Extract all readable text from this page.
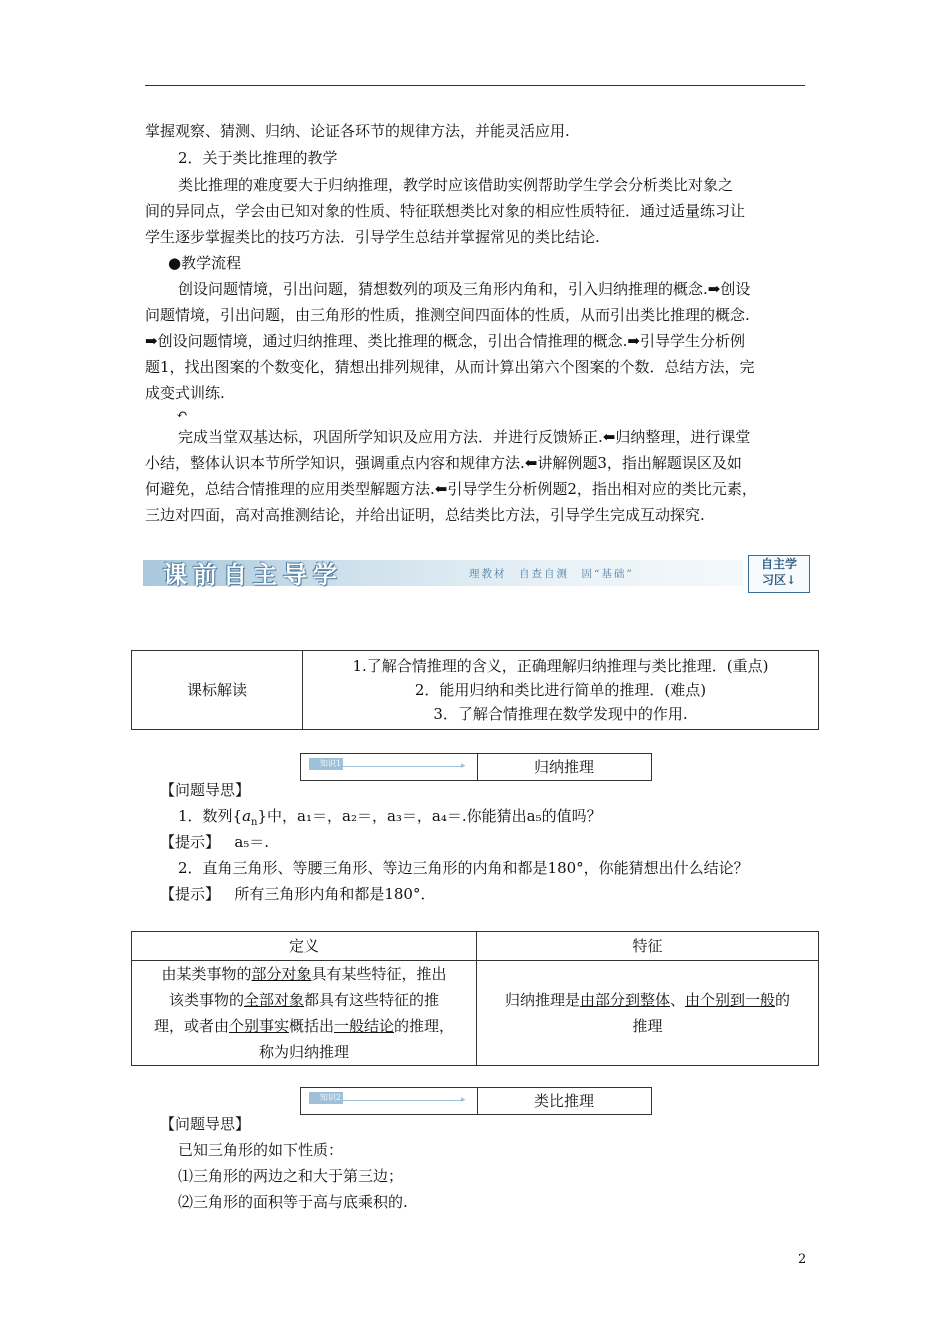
掌握观察、猜测、归纳、论证各环节的规律方法，并能灵活应用.
2．关于类比推理的教学
类比推理的难度要大于归纳推理，教学时应该借助实例帮助学生学会分析类比对象之
间的异同点，学会由已知对象的性质、特征联想类比对象的相应性质特征．通过适量练习让
学生逐步掌握类比的技巧方法．引导学生总结并掌握常见的类比结论.
●教学流程
创设问题情境，引出问题，猜想数列的项及三角形内角和，引入归纳推理的概念. ➡ 创设
问题情境，引出问题，由三角形的性质，推测空间四面体的性质，从而引出类比推理的概念.
➡ 创设问题情境，通过归纳推理、类比推理的概念，引出合情推理的概念. ➡ 引导学生分析例
题1，找出图案的个数变化，猜想出排列规律，从而计算出第六个图案的个数．总结方法，完
成变式训练.
↶
完成当堂双基达标，巩固所学知识及应用方法．并进行反馈矫正. ⬅ 归纳整理，进行课堂
小结，整体认识本节所学知识，强调重点内容和规律方法. ⬅ 讲解例题3，指出解题误区及如
何避免，总结合情推理的应用类型解题方法. ⬅ 引导学生分析例题2，指出相对应的类比元素，
三边对四面，高对高推测结论，并给出证明，总结类比方法，引导学生完成互动探究.
课前自主导学	理教材　自查自测　固“基础”
自主学
习区↓
课标解读	
1.了解合情推理的含义，正确理解归纳推理与类比推理．(重点)
2．能用归纳和类比进行简单的推理．(难点)
3．了解合情推理在数学发现中的作用.
知识1	▸	归纳推理
【问题导思】
1．数列$\{a_n\}$中，a₁＝，a₂＝，a₃＝，a₄＝.你能猜出a₅的值吗？
【提示】 a₅＝.
2．直角三角形、等腰三角形、等边三角形的内角和都是180°，你能猜想出什么结论？
【提示】 所有三角形内角和都是180°．
定义	特征
由某类事物的部分对象具有某些特征，推出
该类事物的全部对象都具有这些特征的推
理，或者由个别事实概括出一般结论的推理，
称为归纳推理	归纳推理是由部分到整体、由个别到一般的
推理
知识2	▸	类比推理
【问题导思】
已知三角形的如下性质：
⑴三角形的两边之和大于第三边；
⑵三角形的面积等于高与底乘积的.
2
